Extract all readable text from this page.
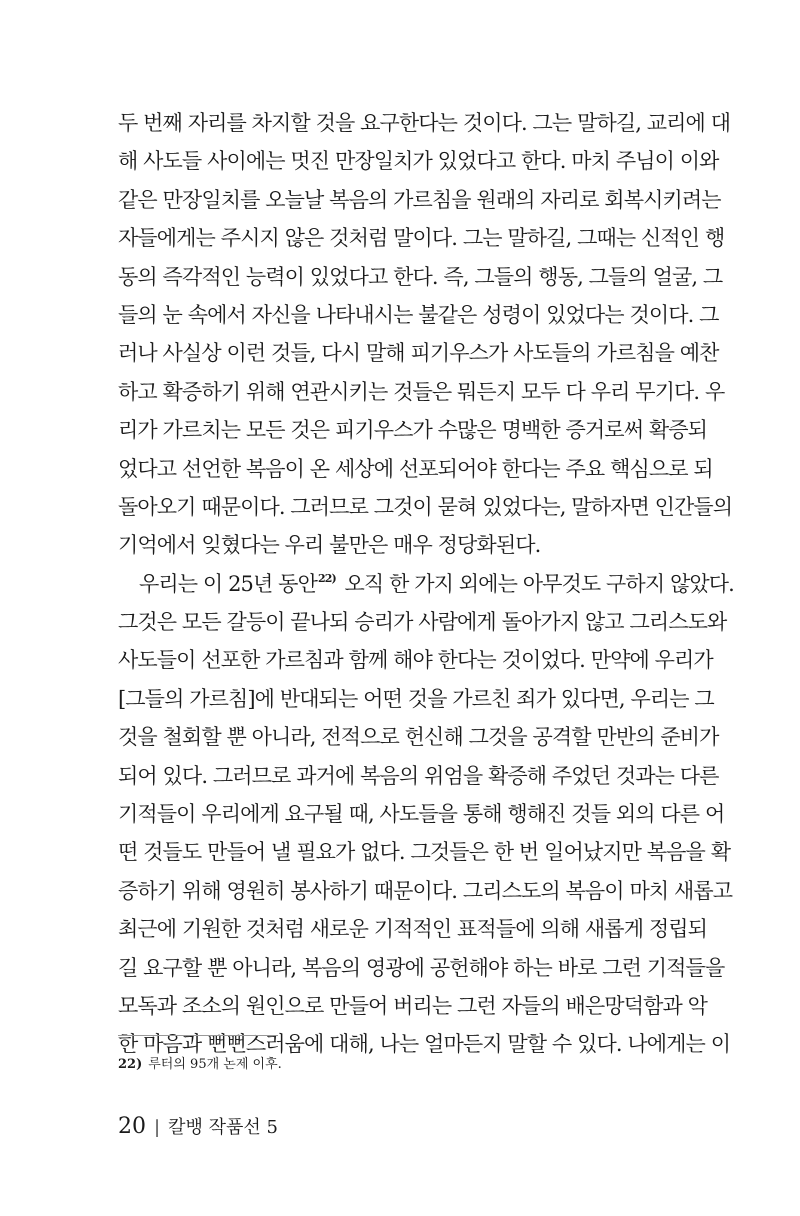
두 번째 자리를 차지할 것을 요구한다는 것이다. 그는 말하길, 교리에 대
해 사도들 사이에는 멋진 만장일치가 있었다고 한다. 마치 주님이 이와
같은 만장일치를 오늘날 복음의 가르침을 원래의 자리로 회복시키려는
자들에게는 주시지 않은 것처럼 말이다. 그는 말하길, 그때는 신적인 행
동의 즉각적인 능력이 있었다고 한다. 즉, 그들의 행동, 그들의 얼굴, 그
들의 눈 속에서 자신을 나타내시는 불같은 성령이 있었다는 것이다. 그
러나 사실상 이런 것들, 다시 말해 피기우스가 사도들의 가르침을 예찬
하고 확증하기 위해 연관시키는 것들은 뭐든지 모두 다 우리 무기다. 우
리가 가르치는 모든 것은 피기우스가 수많은 명백한 증거로써 확증되
었다고 선언한 복음이 온 세상에 선포되어야 한다는 주요 핵심으로 되
돌아오기 때문이다. 그러므로 그것이 묻혀 있었다는, 말하자면 인간들의
기억에서 잊혔다는 우리 불만은 매우 정당화된다.
우리는 이 25년 동안$^{22)}$ 오직 한 가지 외에는 아무것도 구하지 않았다.
그것은 모든 갈등이 끝나되 승리가 사람에게 돌아가지 않고 그리스도와
사도들이 선포한 가르침과 함께 해야 한다는 것이었다. 만약에 우리가
[그들의 가르침]에 반대되는 어떤 것을 가르친 죄가 있다면, 우리는 그
것을 철회할 뿐 아니라, 전적으로 헌신해 그것을 공격할 만반의 준비가
되어 있다. 그러므로 과거에 복음의 위엄을 확증해 주었던 것과는 다른
기적들이 우리에게 요구될 때, 사도들을 통해 행해진 것들 외의 다른 어
떤 것들도 만들어 낼 필요가 없다. 그것들은 한 번 일어났지만 복음을 확
증하기 위해 영원히 봉사하기 때문이다. 그리스도의 복음이 마치 새롭고
최근에 기원한 것처럼 새로운 기적적인 표적들에 의해 새롭게 정립되
길 요구할 뿐 아니라, 복음의 영광에 공헌해야 하는 바로 그런 기적들을
모독과 조소의 원인으로 만들어 버리는 그런 자들의 배은망덕함과 악
한 마음과 뻔뻔스러움에 대해, 나는 얼마든지 말할 수 있다. 나에게는 이
22) 루터의 95개 논제 이후.
20 | 칼뱅 작품선 5
